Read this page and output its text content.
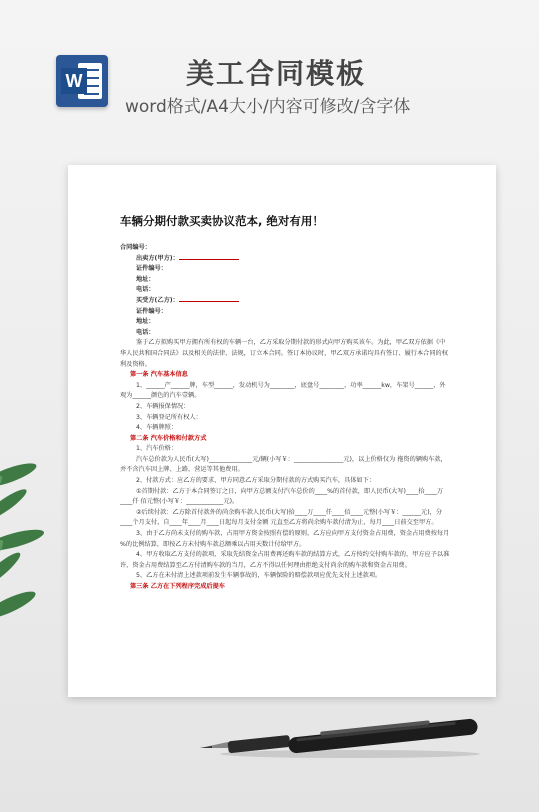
W	美工合同模板
word格式/A4大小/内容可修改/含字体
车辆分期付款买卖协议范本, 绝对有用！
合同编号：
出卖方(甲方)：
证件编号：
地址：
电话：
买受方(乙方)：
证件编号：
地址：
电话：
鉴于乙方拟购买甲方拥有所有权的车辆一台，乙方采取分期付款的形式向甲方购买该车。为此，甲乙双方依据《中华人民共和国合同法》以及相关的法律、法规，订立本合同。签订本协议时，甲乙双方承诺均具有签订、履行本合同的权利及资格。
第一条 汽车基本信息
1、______产______牌，车型______，发动机号为________，底盘号________，功率______kw，车架号______，外观为______颜色的汽车壹辆。
2、车辆报保情况：
3、车辆登记所有权人：
4、车辆牌照：
第二条 汽车价格和付款方式
1、汽车价格：
汽车总价款为人民币(大写)______________元/辆(小写￥：________________元)，以上价格仅为 拖资的辆购车款，并不含汽车因上牌、上路、营运等其他费用。
2、付款方式：应乙方的要求，甲方同意乙方采取分期付款的方式购买汽车，具体如下：
①首期付款：乙方于本合同签订之日，向甲方总额支付汽车总价的____%的首付款，即人民币(大写)____拾____万____仟 佰元整(小写￥：____________元)。
②后续付款：乙方除首付款外的尚余购车款人民币(大写)拾____万____仟____佰____元整(小写￥：______元)，分____个月支付，自____年____月____日起每月支付金额 元直至乙方将尚余购车款付清为止，每月____日前交至甲方。
3、由于乙方尚未支付的购车款，占用甲方资金按照有偿的原则，乙方应向甲方支付资金占用费，资金占用费按每月 %的比例结算，即按乙方未付购车款总额乘以占用天数计付给甲方。
4、甲方收取乙方支付的款项，采取先结资金占用费再还购车款的结算方式，乙方按约交付购车款的，甲方应予以准许，资金占用费结算至乙方付清购车款的当月，乙方不得以任何理由拒绝支付尚余的购车款和资金占用费。
5、乙方在未付清上述款项前发生车辆事故的，车辆保险的赔偿款项应优先支付上述款项。
第三条 乙方在下列程序完成后提车
